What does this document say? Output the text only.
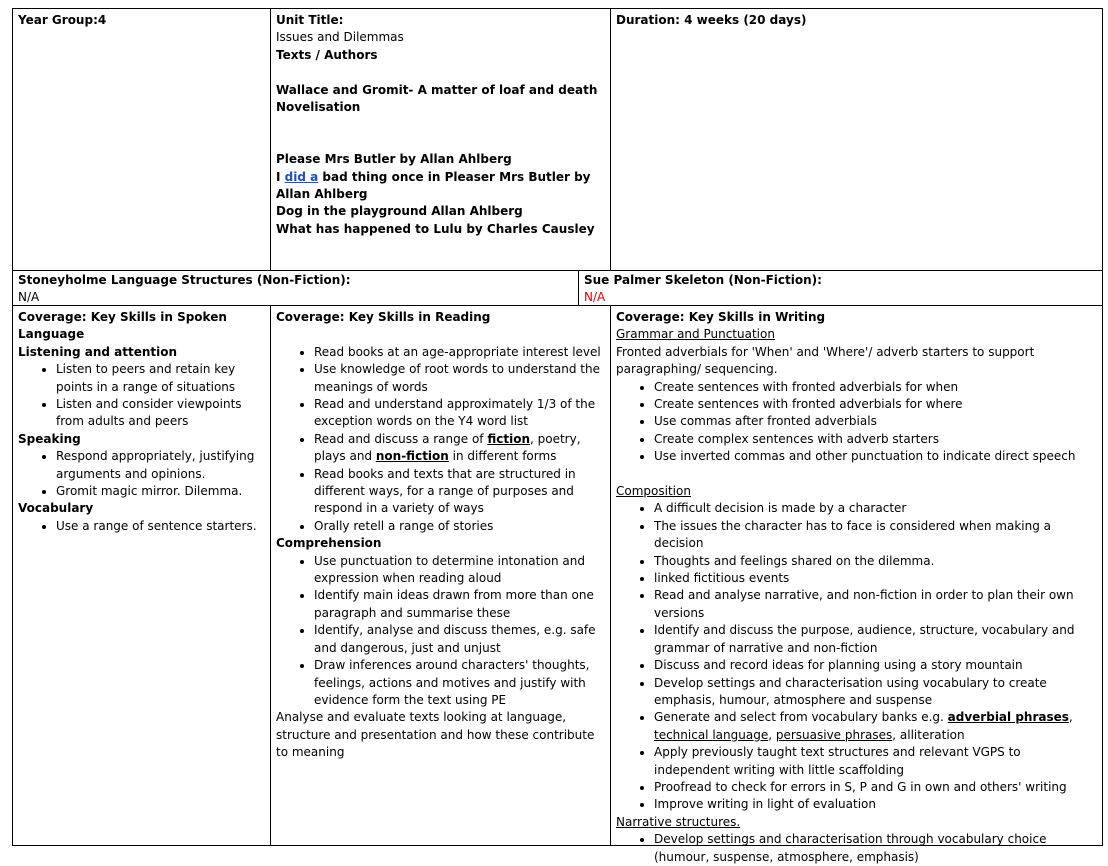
Year Group:4	Unit Title:

Issues and Dilemmas

Texts / Authors

Wallace and Gromit- A matter of loaf and death

Novelisation

Please Mrs Butler by Allan Ahlberg

I did a bad thing once in Pleaser Mrs Butler by

Allan Ahlberg

Dog in the playground Allan Ahlberg

What has happened to Lulu by Charles Causley

Duration: 4 weeks (20 days)

Stoneyholme Language Structures (Non-Fiction):

N/A

Sue Palmer Skeleton (Non-Fiction):

N/A

Coverage: Key Skills in Spoken Language

Listening and attention

• Listen to peers and retain key points in a range of situations
• Listen and consider viewpoints from adults and peers

Speaking

• Respond appropriately, justifying arguments and opinions.
• Gromit magic mirror. Dilemma.

Vocabulary

• Use a range of sentence starters.

Coverage: Key Skills in Reading

• Read books at an age-appropriate interest level
• Use knowledge of root words to understand the meanings of words
• Read and understand approximately 1/3 of the exception words on the Y4 word list
• Read and discuss a range of fiction, poetry, plays and non-fiction in different forms
• Read books and texts that are structured in different ways, for a range of purposes and respond in a variety of ways
• Orally retell a range of stories

Comprehension

• Use punctuation to determine intonation and expression when reading aloud
• Identify main ideas drawn from more than one paragraph and summarise these
• Identify, analyse and discuss themes, e.g. safe and dangerous, just and unjust
• Draw inferences around characters' thoughts, feelings, actions and motives and justify with evidence form the text using PE

Analyse and evaluate texts looking at language, structure and presentation and how these contribute to meaning

Coverage: Key Skills in Writing

Grammar and Punctuation

Fronted adverbials for 'When' and 'Where'/ adverb starters to support paragraphing/ sequencing.

• Create sentences with fronted adverbials for when
• Create sentences with fronted adverbials for where
• Use commas after fronted adverbials
• Create complex sentences with adverb starters
• Use inverted commas and other punctuation to indicate direct speech

Composition

• A difficult decision is made by a character
• The issues the character has to face is considered when making a decision
• Thoughts and feelings shared on the dilemma.
• linked fictitious events
• Read and analyse narrative, and non-fiction in order to plan their own versions
• Identify and discuss the purpose, audience, structure, vocabulary and grammar of narrative and non-fiction
• Discuss and record ideas for planning using a story mountain
• Develop settings and characterisation using vocabulary to create emphasis, humour, atmosphere and suspense
• Generate and select from vocabulary banks e.g. adverbial phrases, technical language, persuasive phrases, alliteration
• Apply previously taught text structures and relevant VGPS to independent writing with little scaffolding
• Proofread to check for errors in S, P and G in own and others' writing
• Improve writing in light of evaluation

Narrative structures.

• Develop settings and characterisation through vocabulary choice (humour, suspense, atmosphere, emphasis)
